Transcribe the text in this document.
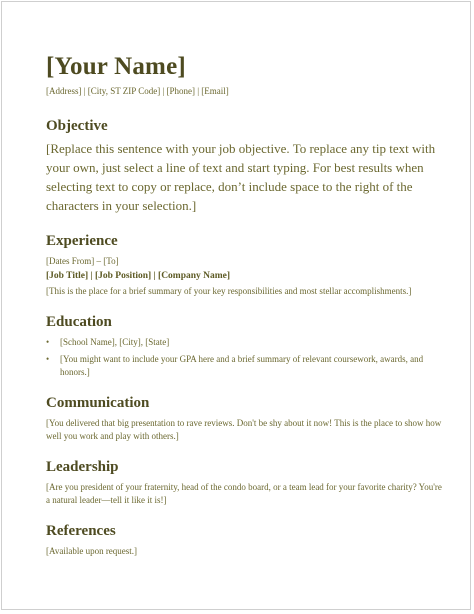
[Your Name]
[Address] | [City, ST ZIP Code] | [Phone] | [Email]
Objective
[Replace this sentence with your job objective. To replace any tip text with your own, just select a line of text and start typing. For best results when selecting text to copy or replace, don’t include space to the right of the characters in your selection.]
Experience
[Dates From] – [To]
[Job Title] | [Job Position] | [Company Name]
[This is the place for a brief summary of your key responsibilities and most stellar accomplishments.]
Education
• [School Name], [City], [State]
• [You might want to include your GPA here and a brief summary of relevant coursework, awards, and honors.]
Communication
[You delivered that big presentation to rave reviews. Don't be shy about it now! This is the place to show how well you work and play with others.]
Leadership
[Are you president of your fraternity, head of the condo board, or a team lead for your favorite charity? You're a natural leader—tell it like it is!]
References
[Available upon request.]
